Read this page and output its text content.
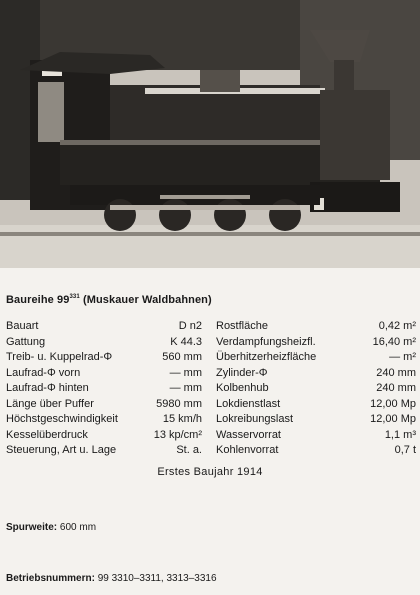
Baureihe $99^{331}$ (Muskauer Waldbahnen)
Bauart	D n2	Rostfläche	0,42 m²
Gattung	K 44.3	Verdampfungsheizfl.	16,40 m²
Treib- u. Kuppelrad-Φ	560 mm	Überhitzerheizfläche	— m²
Laufrad-Φ vorn	— mm	Zylinder-Φ	240 mm
Laufrad-Φ hinten	— mm	Kolbenhub	240 mm
Länge über Puffer	5980 mm	Lokdienstlast	12,00 Mp
Höchstgeschwindigkeit	15 km/h	Lokreibungslast	12,00 Mp
Kesselüberdruck	13 kp/cm²	Wasservorrat	1,1 m³
Steuerung, Art u. Lage	St. a.	Kohlenvorrat	0,7 t
Erstes Baujahr 1914
Spurweite: 600 mm
Betriebsnummern: 99 3310–3311, 3313–3316
